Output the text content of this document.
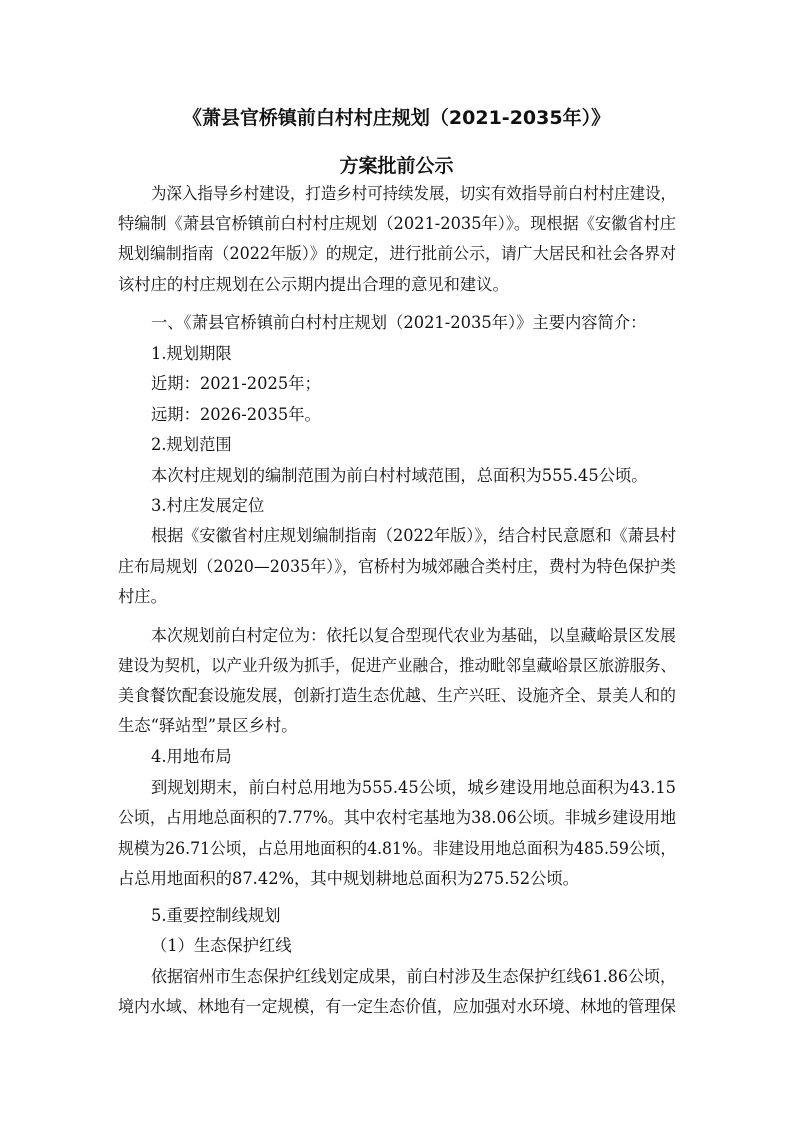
《萧县官桥镇前白村村庄规划（2021-2035年）》
方案批前公示
为深入指导乡村建设，打造乡村可持续发展，切实有效指导前白村村庄建设，
特编制《萧县官桥镇前白村村庄规划（2021-2035年）》。现根据《安徽省村庄
规划编制指南（2022年版）》的规定，进行批前公示，请广大居民和社会各界对
该村庄的村庄规划在公示期内提出合理的意见和建议。
一、《萧县官桥镇前白村村庄规划（2021-2035年）》主要内容简介：
1.规划期限
近期：2021-2025年；
远期：2026-2035年。
2.规划范围
本次村庄规划的编制范围为前白村村域范围，总面积为555.45公顷。
3.村庄发展定位
根据《安徽省村庄规划编制指南（2022年版）》，结合村民意愿和《萧县村
庄布局规划（2020—2035年）》，官桥村为城郊融合类村庄，费村为特色保护类
村庄。
本次规划前白村定位为：依托以复合型现代农业为基础，以皇藏峪景区发展
建设为契机，以产业升级为抓手，促进产业融合，推动毗邻皇藏峪景区旅游服务、
美食餐饮配套设施发展，创新打造生态优越、生产兴旺、设施齐全、景美人和的
生态“驿站型”景区乡村。
4.用地布局
到规划期末，前白村总用地为555.45公顷，城乡建设用地总面积为43.15
公顷，占用地总面积的7.77%。其中农村宅基地为38.06公顷。非城乡建设用地
规模为26.71公顷，占总用地面积的4.81%。非建设用地总面积为485.59公顷，
占总用地面积的87.42%，其中规划耕地总面积为275.52公顷。
5.重要控制线规划
（1）生态保护红线
依据宿州市生态保护红线划定成果，前白村涉及生态保护红线61.86公顷，
境内水域、林地有一定规模，有一定生态价值，应加强对水环境、林地的管理保
